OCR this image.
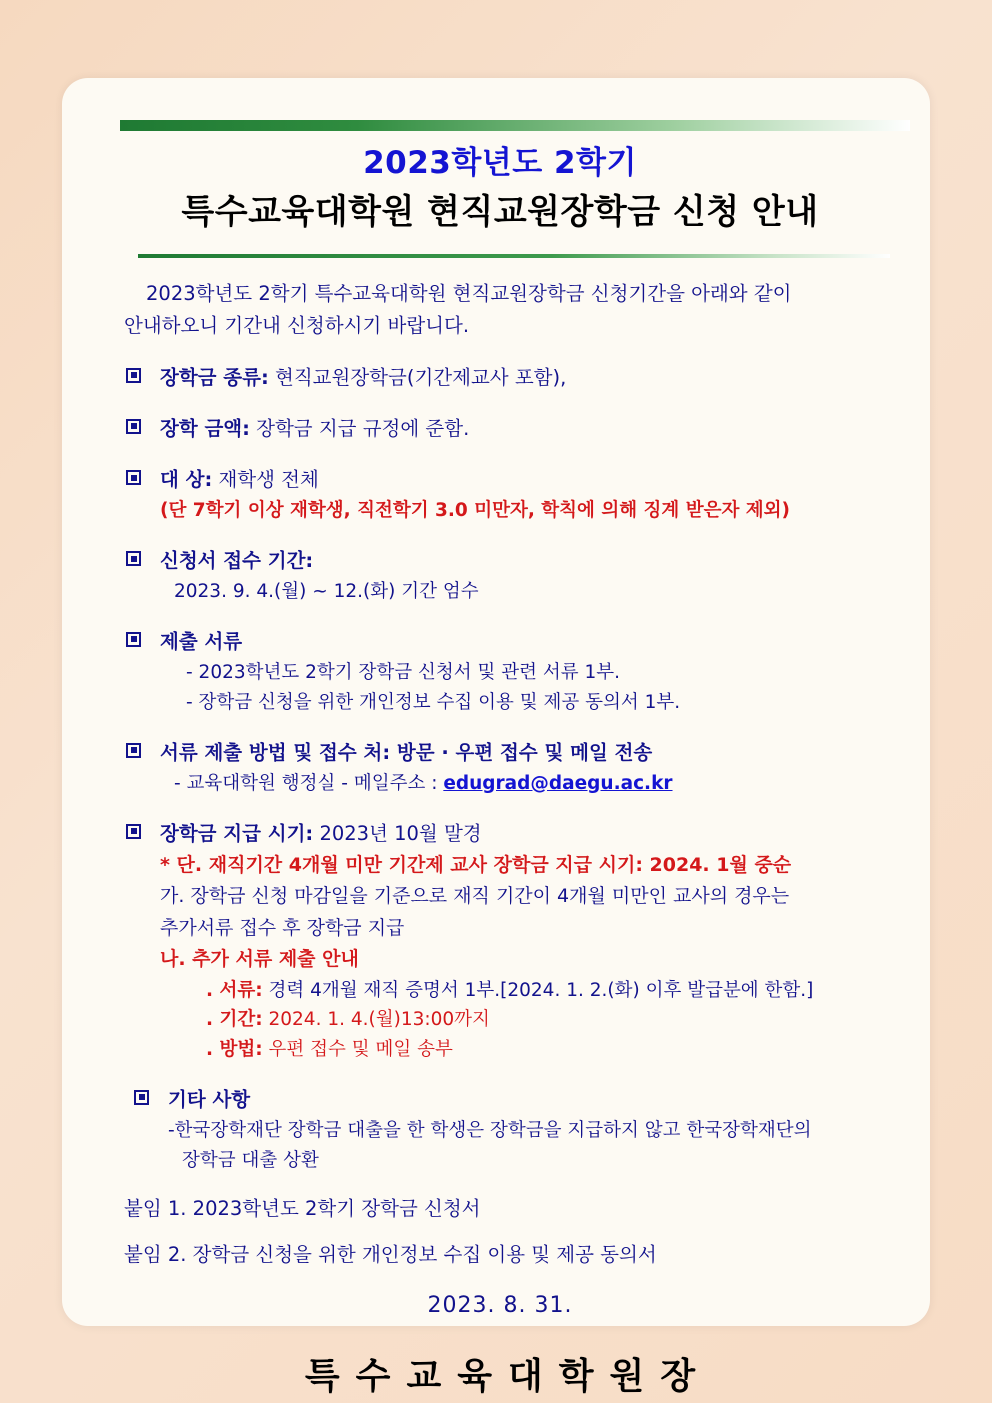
2023학년도 2학기
특수교육대학원 현직교원장학금 신청 안내
2023학년도 2학기 특수교육대학원 현직교원장학금 신청기간을 아래와 같이
안내하오니 기간내 신청하시기 바랍니다.
장학금 종류: 현직교원장학금(기간제교사 포함),
장학 금액: 장학금 지급 규정에 준함.
대 상: 재학생 전체
(단 7학기 이상 재학생, 직전학기 3.0 미만자, 학칙에 의해 징계 받은자 제외)
신청서 접수 기간:
2023. 9. 4.(월) ~ 12.(화) 기간 엄수
제출 서류
- 2023학년도 2학기 장학금 신청서 및 관련 서류 1부.
- 장학금 신청을 위한 개인정보 수집 이용 및 제공 동의서 1부.
서류 제출 방법 및 접수 처: 방문 · 우편 접수 및 메일 전송
- 교육대학원 행정실 - 메일주소 : edugrad@daegu.ac.kr
장학금 지급 시기: 2023년 10월 말경
* 단. 재직기간 4개월 미만 기간제 교사 장학금 지급 시기: 2024. 1월 중순
가. 장학금 신청 마감일을 기준으로 재직 기간이 4개월 미만인 교사의 경우는
추가서류 접수 후 장학금 지급
나. 추가 서류 제출 안내
. 서류: 경력 4개월 재직 증명서 1부.[2024. 1. 2.(화) 이후 발급분에 한함.]
. 기간: 2024. 1. 4.(월)13:00까지
. 방법: 우편 접수 및 메일 송부
기타 사항
-한국장학재단 장학금 대출을 한 학생은 장학금을 지급하지 않고 한국장학재단의
장학금 대출 상환
붙임 1. 2023학년도 2학기 장학금 신청서
붙임 2. 장학금 신청을 위한 개인정보 수집 이용 및 제공 동의서
2023. 8. 31.
특수교육대학원장
